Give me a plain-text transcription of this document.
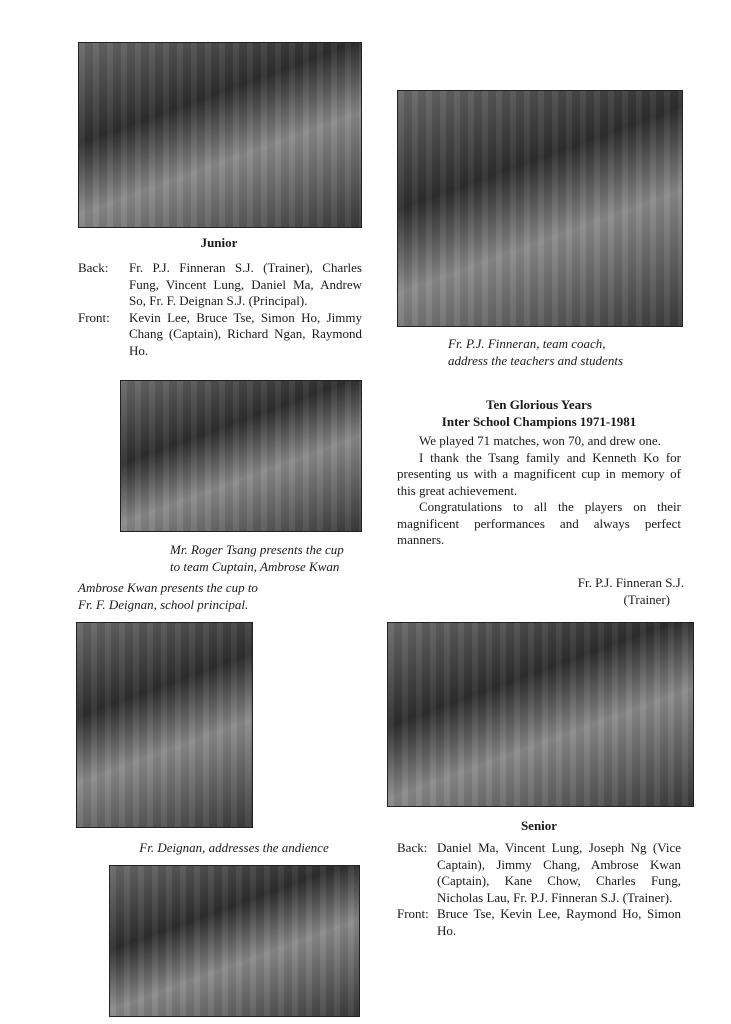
Junior
Back:	Fr. P.J. Finneran S.J. (Trainer), Charles Fung, Vincent Lung, Daniel Ma, Andrew So, Fr. F. Deignan S.J. (Principal).
Front:	Kevin Lee, Bruce Tse, Simon Ho, Jimmy Chang (Captain), Richard Ngan, Raymond Ho.	Fr. P.J. Finneran, team coach,
address the teachers and students
Ten Glorious Years
Inter School Champions 1971-1981

We played 71 matches, won 70, and drew one.

I thank the Tsang family and Kenneth Ko for presenting us with a magnificent cup in memory of this great achievement.

Congratulations to all the players on their magnificent performances and always perfect manners.

Fr. P.J. Finneran S.J.
(Trainer)
Mr. Roger Tsang presents the cup
to team Cuptain, Ambrose Kwan
Ambrose Kwan presents the cup to
Fr. F. Deignan, school principal.
Fr. Deignan, addresses the andience
Senior
Back: Daniel Ma, Vincent Lung, Joseph Ng (Vice Captain), Jimmy Chang, Ambrose Kwan (Captain), Kane Chow, Charles Fung, Nicholas Lau, Fr. P.J. Finneran S.J. (Trainer).
Front: Bruce Tse, Kevin Lee, Raymond Ho, Simon Ho.
